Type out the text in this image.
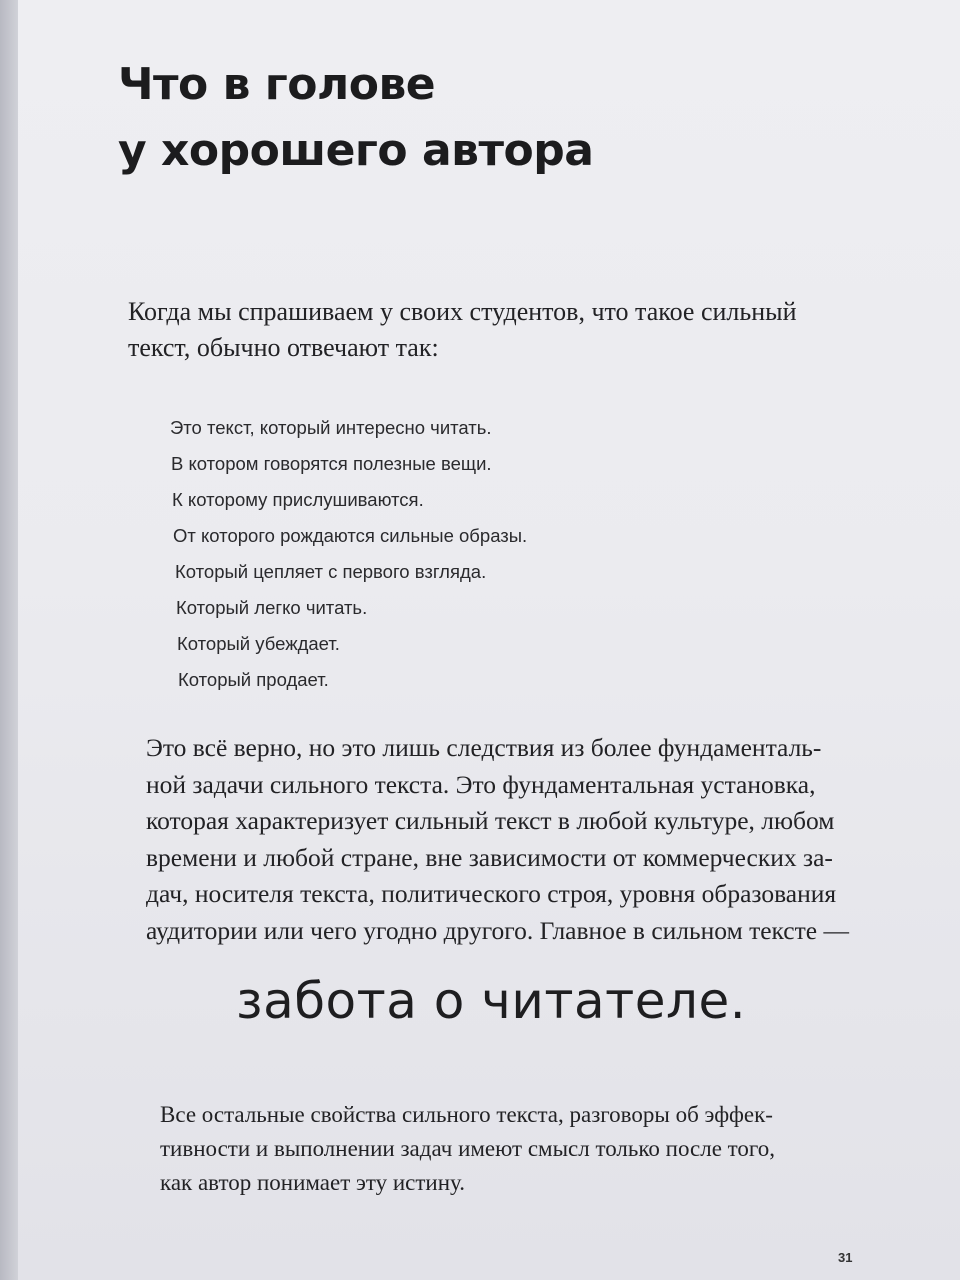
Что в голове
у хорошего автора

Когда мы спрашиваем у своих студентов, что такое сильный
текст, обычно отвечают так:

Это текст, который интересно читать.
В котором говорятся полезные вещи.
К которому прислушиваются.
От которого рождаются сильные образы.
Который цепляет с первого взгляда.
Который легко читать.
Который убеждает.
Который продает.

Это всё верно, но это лишь следствия из более фундаменталь-
ной задачи сильного текста. Это фундаментальная установка,
которая характеризует сильный текст в любой культуре, любом
времени и любой стране, вне зависимости от коммерческих за-
дач, носителя текста, политического строя, уровня образования
аудитории или чего угодно другого. Главное в сильном тексте —

забота о читателе.

Все остальные свойства сильного текста, разговоры об эффек-
тивности и выполнении задач имеют смысл только после того,
как автор понимает эту истину.

31
